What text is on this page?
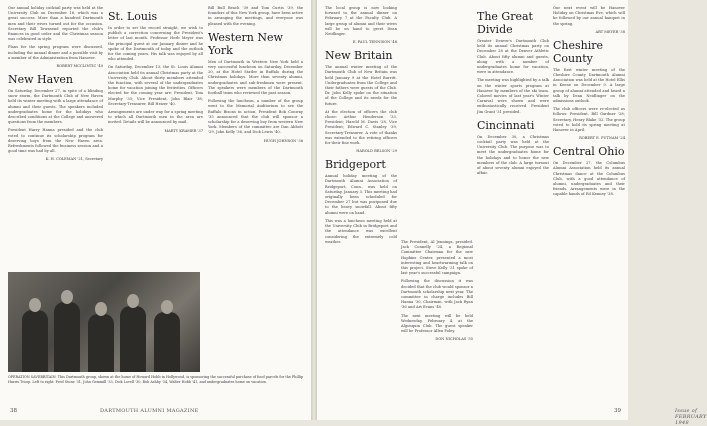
Our annual holiday cocktail party was held at the University Club on December 16, which was a great success. More than a hundred Dartmouth men and their wives turned out for the occasion. Secretary Bill Townsend reported the club's finances in good order and the Christmas season was celebrated in style.

Plans for the spring program were discussed, including the annual dinner and a possible visit by a member of the Administration from Hanover.

ROBERT MCCLINTIC '40
New Haven

On Saturday, December 27, in spite of a blinding snow storm, the Dartmouth Club of New Haven held its winter meeting with a large attendance of alumni and their guests. The speakers included undergraduates home for the holidays who described conditions at the College and answered questions from the members.

President Harry Hanna presided and the club voted to continue its scholarship program for deserving boys from the New Haven area. Refreshments followed the business session and a good time was had by all.

K. H. COLEMAN '21, Secretary
St. Louis

In order to set the record straight, we wish to publish a correction concerning the President's letter of last month. Professor Herb Meyer was the principal guest at our January dinner and he spoke of the Dartmouth of today and the outlook for the coming years. His talk was enjoyed by all who attended.

On Saturday, December 13, the St. Louis Alumni Association held its annual Christmas party at the University Club. About thirty members attended the function, with several of the undergraduates home for vacation joining the festivities. Officers elected for the coming year are: President, Tom Murphy '33; Vice President, John Blair '38; Secretary-Treasurer, Bill Heizer '40.

Arrangements are under way for a spring meeting to which all Dartmouth men in the area are invited. Details will be announced by mail.

MARTY KRAMER '37

Bill Bull Beach '39 and Tom Curtis '39, the founders of this New York group, have been active in arranging the meetings, and everyone was pleased with the evening.

Western New York

Men of Dartmouth in Western New York held a very successful luncheon on Saturday, December 20, at the Hotel Statler in Buffalo during the Christmas holidays. More than seventy alumni, undergraduates and sub-freshmen were present. The speakers were members of the Dartmouth football team who reviewed the past season.

Following the luncheon, a number of the group went to the Memorial Auditorium to see the Buffalo Bisons in action. President Bob Conway '35 announced that the club will sponsor a scholarship for a deserving boy from western New York. Members of the committee are Dan Abbott '29, John Kelly '36, and Dick Lewis '40.

HUGH JOHNSON '36
OPERATION SAVEBRITAIN: This Dartmouth group, shown at the home of Howard Hobb in Hollywood, is sponsoring the successful purchase of food parcels for the Phillip Harris Troop. Left to right: Fred Stone '31, John Gemmill '33, Dick Lovell '30, Bob Ashby '34, Walter Hobb '41, and undergraduates home on vacation.
38	DARTMOUTH ALUMNI MAGAZINE

The local group is now looking forward to the annual dinner on February 7 at the Faculty Club. A large group of alumni and their wives will be on hand to greet Dean Neidlinger.

E. PAUL TENNISON '48
New Britain

The annual winter meeting of the Dartmouth Club of New Britain was held January 9 at the Hotel Burritt. Undergraduates from the College and their fathers were guests of the Club. Dr. John Kelly spoke on the situation of the College and its needs for the future.

At the election of officers the club chose: Arthur Henderson '33, President; Harold M. Davis '28, Vice President; Edward C. Stanley '39, Secretary-Treasurer. A vote of thanks was extended to the retiring officers for their fine work.

HAROLD BELSON '29
Bridgeport

Annual holiday meeting of the Dartmouth Alumni Association of Bridgeport, Conn., was held on Saturday, January 3. This meeting had originally been scheduled for December 27 but was postponed due to the heavy snowfall. About fifty alumni were on hand.

This was a luncheon meeting held at the University Club in Bridgeport and the attendance was excellent considering the extremely cold weather.	The President, Al Jennings, presided. Jack Connelly '24, a Regional Committee Chairman for the new Hopkins Center, presented a most interesting and heartwarming talk on this project. Steve Kelly '31 spoke of last year's successful campaign.

Following the discussion it was decided that the club would sponsor a Dartmouth scholarship next year. The committee in charge includes Bill Hanna '30, Chairman, with Jack Ryan '36 and Art Evans '40.

The next meeting will be held Wednesday, February 4, at the Algonquin Club. The guest speaker will be Professor Allen Foley.

DON NICHOLAS '35
The Great Divide

Greater Denver's Dartmouth Club held its annual Christmas party on December 28 at the Denver Athletic Club. About fifty alumni and guests, along with a number of undergraduates home for vacation, were in attendance.

The meeting was highlighted by a talk on the winter sports program at Hanover by members of the ski team. Colored movies of last year's Winter Carnival were shown and were enthusiastically received. President Jim Grant '31 presided.

Cincinnati

On December 30, a Christmas cocktail party was held at the University Club. The purpose was to meet the undergraduates home for the holidays and to honor the new members of the club. A large turnout of about seventy alumni enjoyed the affair.

Our next event will be Hanover Holiday on Christmas Eve, which will be followed by our annual banquet in the spring.

ART MEYER '38
Cheshire County

The first winter meeting of the Cheshire County Dartmouth Alumni Association was held at the Hotel Ellis in Keene on December 9. A large group of alumni attended and heard a talk by Dean Neidlinger on the admissions outlook.

The club officers were re-elected as follows: President, Bill Gardner '28; Secretary, Henry Blake '32. The group voted to hold its spring meeting at Hanover in April.

ROBERT E. PUTNAM '24
Central Ohio

On December 27, the Columbus Alumni Association held its annual Christmas dance at the Columbus Club, with a good attendance of alumni, undergraduates and their friends. Arrangements were in the capable hands of Ed Kenney '38.

Issue of FEBRUARY 1948
39
